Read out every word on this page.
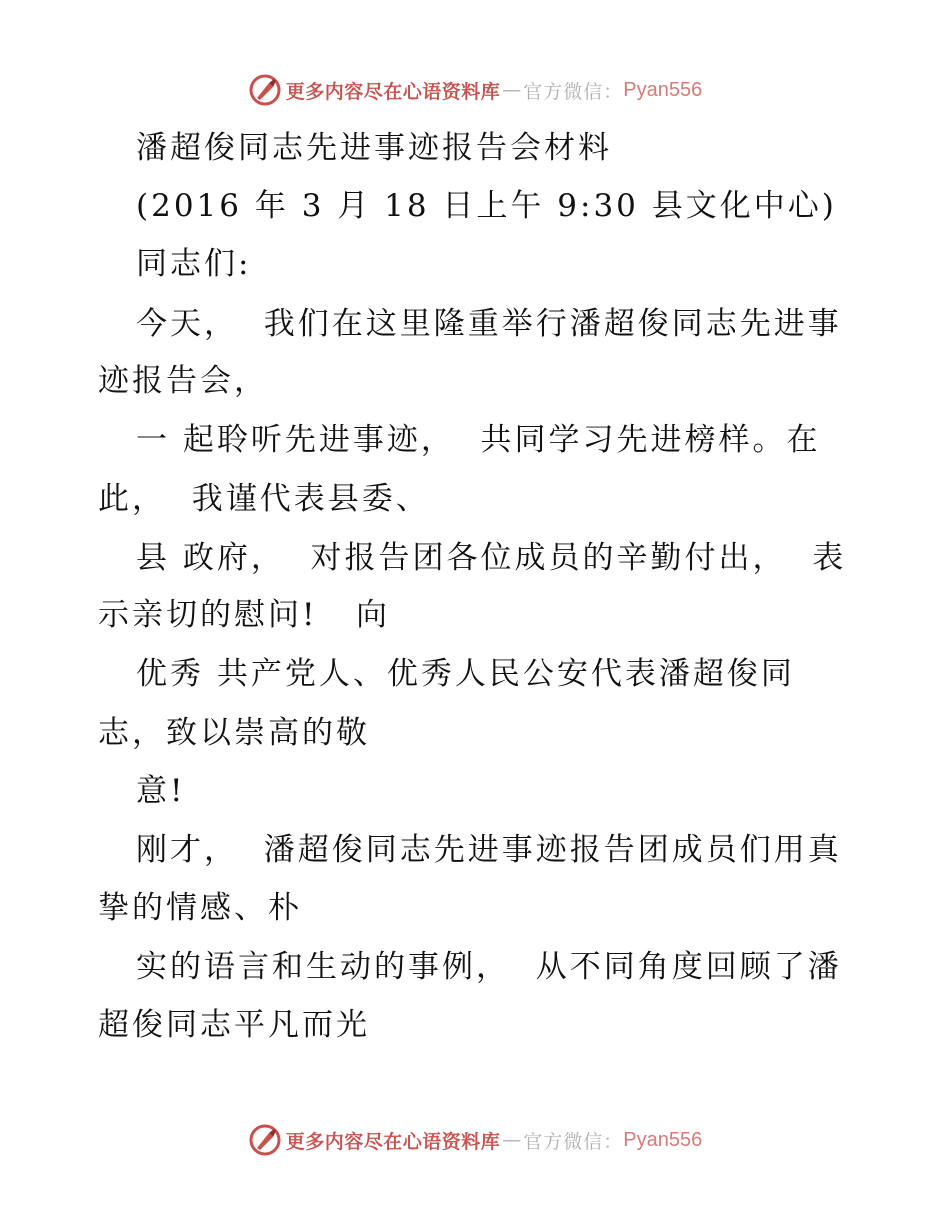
更多内容尽在心语资料库 — 官方微信： Pyan556
潘超俊同志先进事迹报告会材料
(2016 年 3 月 18 日上午 9:30 县文化中心)
同志们:
今天，  我们在这里隆重举行潘超俊同志先进事
迹报告会，
一 起聆听先进事迹，  共同学习先进榜样。在
此，  我谨代表县委、
县 政府，  对报告团各位成员的辛勤付出，  表
示亲切的慰问!   向
优秀 共产党人、优秀人民公安代表潘超俊同
志，致以崇高的敬
意!
刚才，  潘超俊同志先进事迹报告团成员们用真
挚的情感、朴
实的语言和生动的事例，  从不同角度回顾了潘
超俊同志平凡而光
更多内容尽在心语资料库 — 官方微信： Pyan556
